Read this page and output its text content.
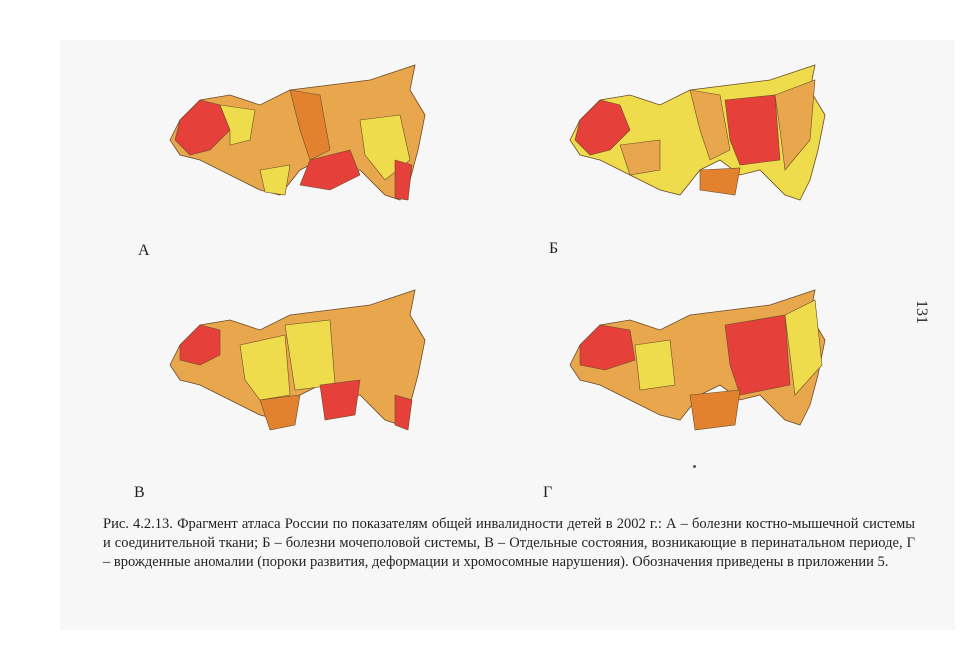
А	Б
В	Г
131
Рис. 4.2.13. Фрагмент атласа России по показателям общей инвалидности детей в 2002 г.: А – болезни костно-мышечной системы и соединительной ткани; Б – болезни мочеполовой системы, В – Отдельные состояния, возникающие в перинатальном периоде, Г – врожденные аномалии (пороки развития, деформации и хромосомные нарушения). Обозначения приведены в приложении 5.
